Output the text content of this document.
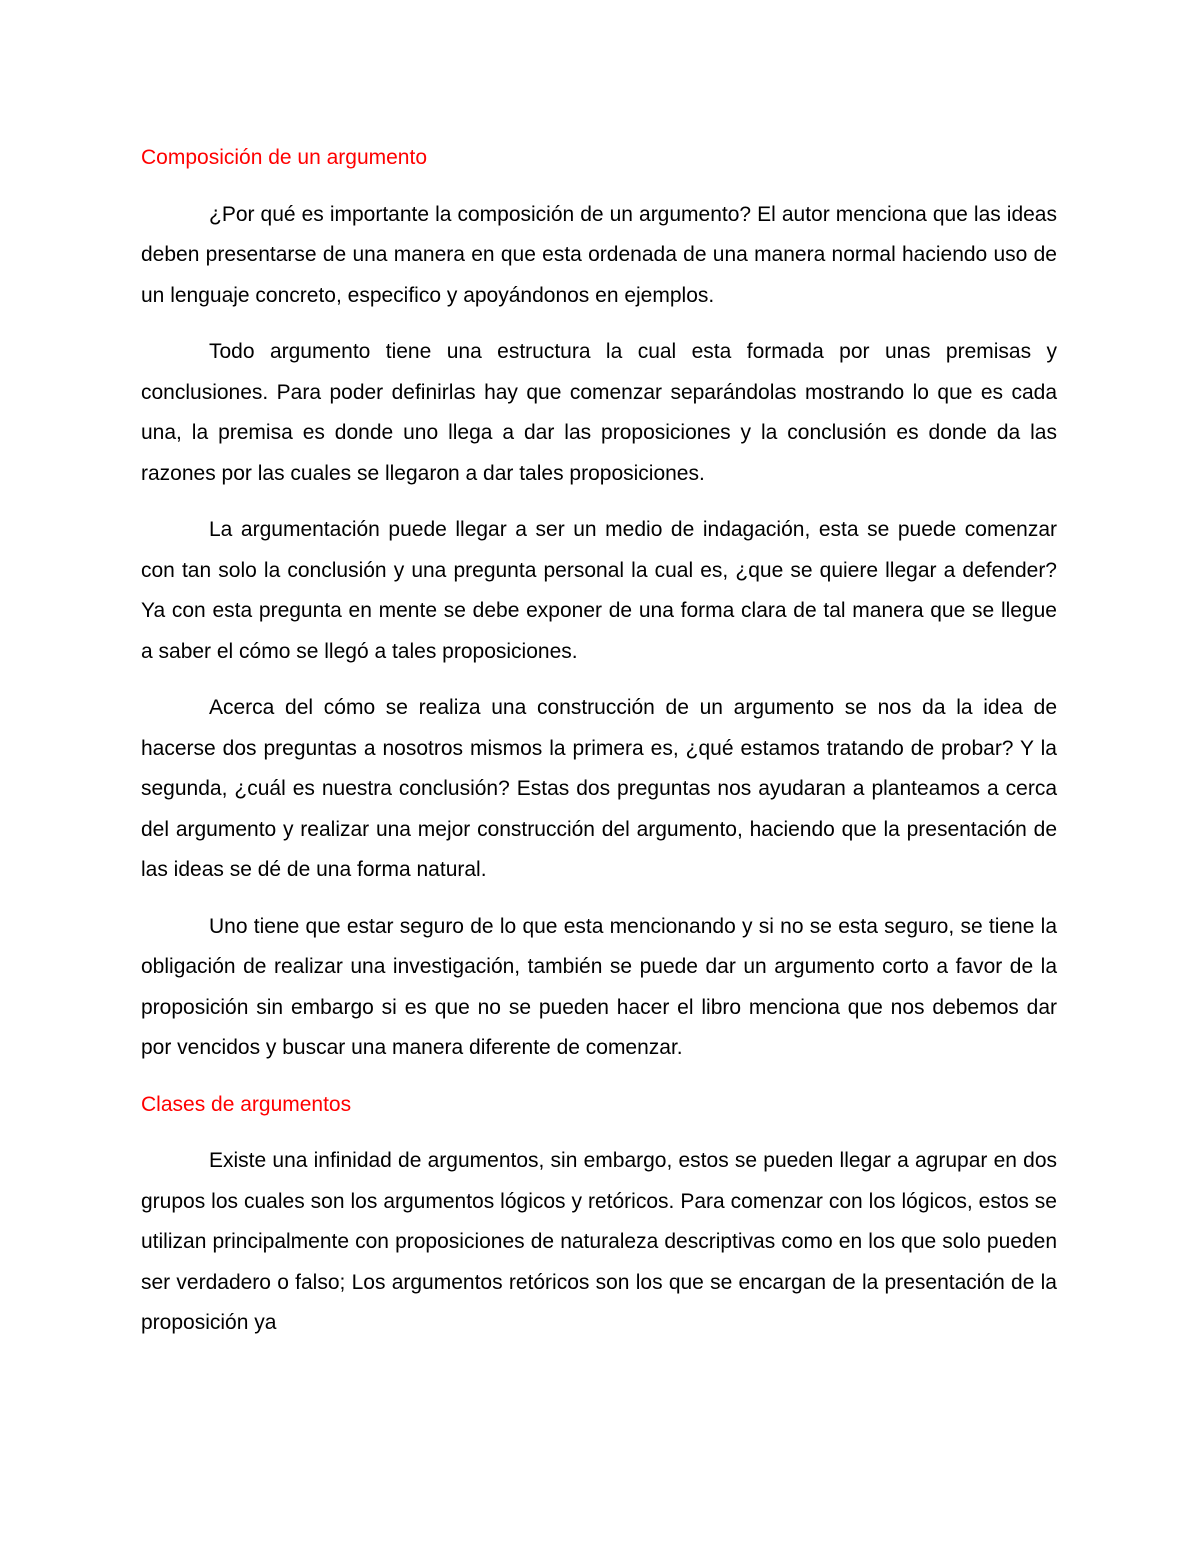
Composición de un argumento

¿Por qué es importante la composición de un argumento? El autor menciona que las ideas deben presentarse de una manera en que esta ordenada de una manera normal haciendo uso de un lenguaje concreto, especifico y apoyándonos en ejemplos.

Todo argumento tiene una estructura la cual esta formada por unas premisas y conclusiones. Para poder definirlas hay que comenzar separándolas mostrando lo que es cada una, la premisa es donde uno llega a dar las proposiciones y la conclusión es donde da las razones por las cuales se llegaron a dar tales proposiciones.

La argumentación puede llegar a ser un medio de indagación, esta se puede comenzar con tan solo la conclusión y una pregunta personal la cual es, ¿que se quiere llegar a defender? Ya con esta pregunta en mente se debe exponer de una forma clara de tal manera que se llegue a saber el cómo se llegó a tales proposiciones.

Acerca del cómo se realiza una construcción de un argumento se nos da la idea de hacerse dos preguntas a nosotros mismos la primera es, ¿qué estamos tratando de probar? Y la segunda, ¿cuál es nuestra conclusión? Estas dos preguntas nos ayudaran a planteamos a cerca del argumento y realizar una mejor construcción del argumento, haciendo que la presentación de las ideas se dé de una forma natural.

Uno tiene que estar seguro de lo que esta mencionando y si no se esta seguro, se tiene la obligación de realizar una investigación, también se puede dar un argumento corto a favor de la proposición sin embargo si es que no se pueden hacer el libro menciona que nos debemos dar por vencidos y buscar una manera diferente de comenzar.

Clases de argumentos

Existe una infinidad de argumentos, sin embargo, estos se pueden llegar a agrupar en dos grupos los cuales son los argumentos lógicos y retóricos. Para comenzar con los lógicos, estos se utilizan principalmente con proposiciones de naturaleza descriptivas como en los que solo pueden ser verdadero o falso; Los argumentos retóricos son los que se encargan de la presentación de la proposición ya
